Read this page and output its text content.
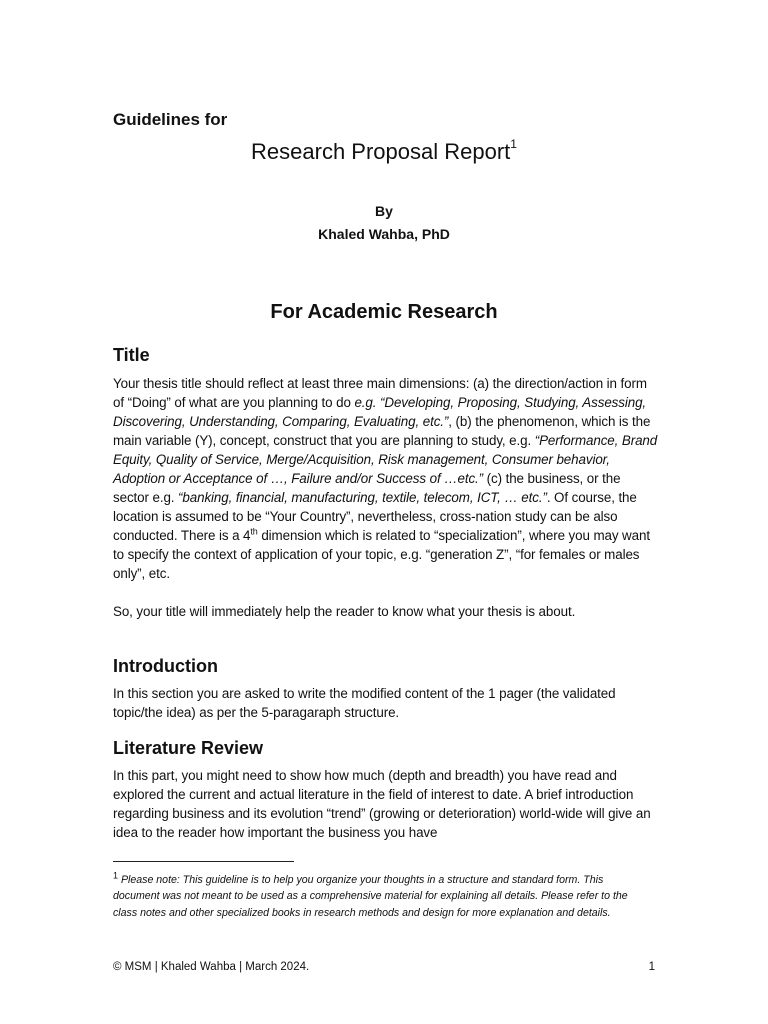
Guidelines for
Research Proposal Report$^1$
By
Khaled Wahba, PhD
For Academic Research
Title

Your thesis title should reflect at least three main dimensions: (a) the direction/action in form of “Doing” of what are you planning to do e.g. “Developing, Proposing, Studying, Assessing, Discovering, Understanding, Comparing, Evaluating, etc.”, (b) the phenomenon, which is the main variable (Y), concept, construct that you are planning to study, e.g. “Performance, Brand Equity, Quality of Service, Merge/Acquisition, Risk management, Consumer behavior, Adoption or Acceptance of …, Failure and/or Success of …etc.” (c) the business, or the sector e.g. “banking, financial, manufacturing, textile, telecom, ICT, … etc.”. Of course, the location is assumed to be “Your Country”, nevertheless, cross-nation study can be also conducted. There is a 4th dimension which is related to “specialization”, where you may want to specify the context of application of your topic, e.g. “generation Z”, “for females or males only”, etc.

So, your title will immediately help the reader to know what your thesis is about.

Introduction

In this section you are asked to write the modified content of the 1 pager (the validated topic/the idea) as per the 5-paragaraph structure.

Literature Review

In this part, you might need to show how much (depth and breadth) you have read and explored the current and actual literature in the field of interest to date. A brief introduction regarding business and its evolution “trend” (growing or deterioration) world-wide will give an idea to the reader how important the business you have

$^1$ Please note: This guideline is to help you organize your thoughts in a structure and standard form. This document was not meant to be used as a comprehensive material for explaining all details. Please refer to the class notes and other specialized books in research methods and design for more explanation and details.

© MSM | Khaled Wahba | March 2024.	1
